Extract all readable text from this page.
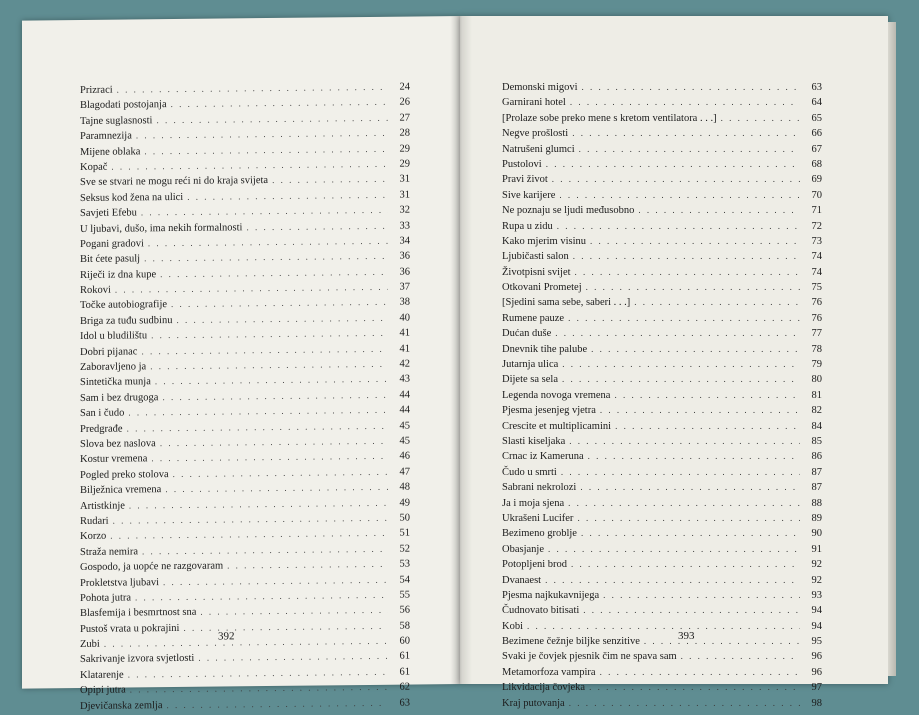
Prizraci . . .	24
Blagodati postojanja . . .	26
Tajne suglasnosti . . .	27
Paramnezija . . .	28
Mijene oblaka . . .	29
Kopač . . .	29
Sve se stvari ne mogu reći ni do kraja svijeta . . .	31
Seksus kod žena na ulici . . .	31
Savjeti Efebu . . .	32
U ljubavi, dušo, ima nekih formalnosti . . .	33
Pogani gradovi . . .	34
Bit ćete pasulj . . .	36
Riječi iz dna kupe . . .	36
Rokovi . . .	37
Točke autobiografije . . .	38
Briga za tuđu sudbinu . . .	40
Idol u bludilištu . . .	41
Dobri pijanac . . .	41
Zaboravljeno ja . . .	42
Sintetička munja . . .	43
Sam i bez drugoga . . .	44
San i čudo . . .	44
Predgrađe . . .	45
Slova bez naslova . . .	45
Kostur vremena . . .	46
Pogled preko stolova . . .	47
Bilježnica vremena . . .	48
Artistkinje . . .	49
Rudari . . .	50
Korzo . . .	51
Straža nemira . . .	52
Gospodo, ja uopće ne razgovaram . . .	53
Prokletstva ljubavi . . .	54
Pohota jutra . . .	55
Blasfemija i besmrtnost sna . . .	56
Pustoš vrata u pokrajini . . .	58
Zubi . . .	60
Sakrivanje izvora svjetlosti . . .	61
Klatarenje . . .	61
Opipi jutra . . .	62
Djevičanska zemlja . . .	63
392
Demonski migovi . . .	63
Garnirani hotel . . .	64
[Prolaze sobe preko mene s kretom ventilatora . . .] . . .	65
Negve prošlosti . . .	66
Natrušeni glumci . . .	67
Pustolovi . . .	68
Pravi život . . .	69
Sive karijere . . .	70
Ne poznaju se ljudi međusobno . . .	71
Rupa u zidu . . .	72
Kako mjerim visinu . . .	73
Ljubičasti salon . . .	74
Životpisni svijet . . .	74
Otkovani Prometej . . .	75
[Sjedini sama sebe, saberi . . .] . . .	76
Rumene pauze . . .	76
Dućan duše . . .	77
Dnevnik tihe palube . . .	78
Jutarnja ulica . . .	79
Dijete sa sela . . .	80
Legenda novoga vremena . . .	81
Pjesma jesenjeg vjetra . . .	82
Crescite et multiplicamini . . .	84
Slasti kiseljaka . . .	85
Crnac iz Kameruna . . .	86
Čudo u smrti . . .	87
Sabrani nekrolozi . . .	87
Ja i moja sjena . . .	88
Ukrašeni Lucifer . . .	89
Bezimeno groblje . . .	90
Obasjanje . . .	91
Potopljeni brod . . .	92
Dvanaest . . .	92
Pjesma najkukavnijega . . .	93
Čudnovato bitisati . . .	94
Kobi . . .	94
Bezimene čežnje biljke senzitive . . .	95
Svaki je čovjek pjesnik čim ne spava sam . . .	96
Metamorfoza vampira . . .	96
Likvidacija čovjeka . . .	97
Kraj putovanja . . .	98
393
